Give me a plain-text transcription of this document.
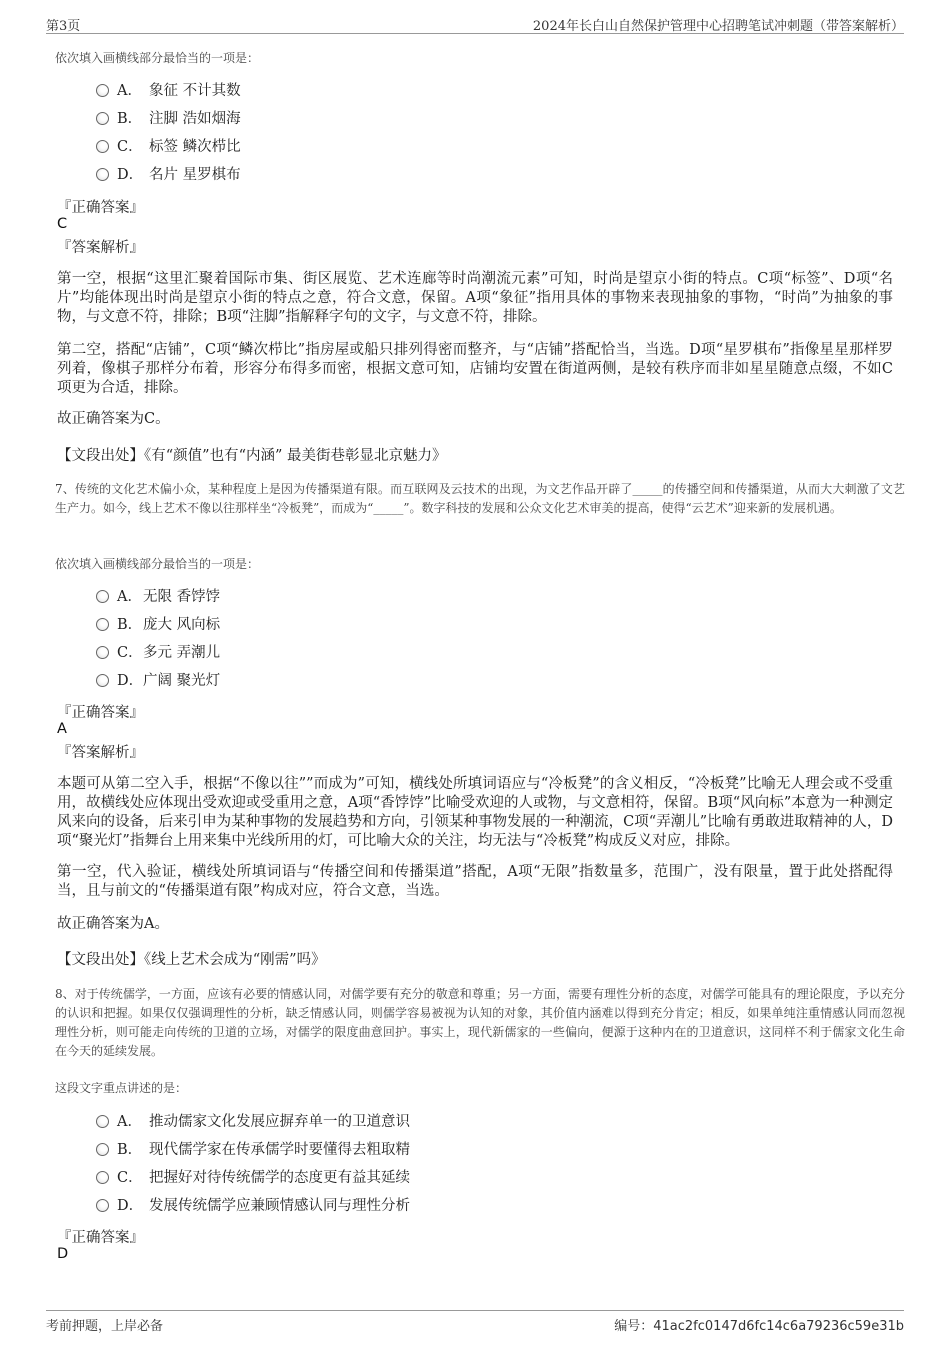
第3页	2024年长白山自然保护管理中心招聘笔试冲刺题（带答案解析）
依次填入画横线部分最恰当的一项是：
A． 象征 不计其数
B． 注脚 浩如烟海
C． 标签 鳞次栉比
D． 名片 星罗棋布
『正确答案』
C
『答案解析』
第一空，根据“这里汇聚着国际市集、街区展览、艺术连廊等时尚潮流元素”可知，时尚是望京小街的特点。C项“标签”、D项“名片”均能体现出时尚是望京小街的特点之意，符合文意，保留。A项“象征”指用具体的事物来表现抽象的事物，“时尚”为抽象的事物，与文意不符，排除；B项“注脚”指解释字句的文字，与文意不符，排除。
第二空，搭配“店铺”，C项“鳞次栉比”指房屋或船只排列得密而整齐，与“店铺”搭配恰当，当选。D项“星罗棋布”指像星星那样罗列着，像棋子那样分布着，形容分布得多而密，根据文意可知，店铺均安置在街道两侧，是较有秩序而非如星星随意点缀，不如C项更为合适，排除。
故正确答案为C。
【文段出处】《有“颜值”也有“内涵” 最美街巷彰显北京魅力》
7、传统的文化艺术偏小众，某种程度上是因为传播渠道有限。而互联网及云技术的出现，为文艺作品开辟了_____的传播空间和传播渠道，从而大大刺激了文艺生产力。如今，线上艺术不像以往那样坐“冷板凳”，而成为“_____”。数字科技的发展和公众文化艺术审美的提高，使得“云艺术”迎来新的发展机遇。
依次填入画横线部分最恰当的一项是：
A．无限 香饽饽
B．庞大 风向标
C．多元 弄潮儿
D．广阔 聚光灯
『正确答案』
A
『答案解析』
本题可从第二空入手，根据“不像以往””而成为”可知，横线处所填词语应与“冷板凳”的含义相反，“冷板凳”比喻无人理会或不受重用，故横线处应体现出受欢迎或受重用之意，A项“香饽饽”比喻受欢迎的人或物，与文意相符，保留。B项“风向标”本意为一种测定风来向的设备，后来引申为某种事物的发展趋势和方向，引领某种事物发展的一种潮流，C项“弄潮儿”比喻有勇敢进取精神的人，D项“聚光灯”指舞台上用来集中光线所用的灯，可比喻大众的关注，均无法与“冷板凳”构成反义对应，排除。
第一空，代入验证，横线处所填词语与“传播空间和传播渠道”搭配，A项“无限”指数量多，范围广，没有限量，置于此处搭配得当，且与前文的“传播渠道有限”构成对应，符合文意，当选。
故正确答案为A。
【文段出处】《线上艺术会成为“刚需”吗》
8、对于传统儒学，一方面，应该有必要的情感认同，对儒学要有充分的敬意和尊重；另一方面，需要有理性分析的态度，对儒学可能具有的理论限度，予以充分的认识和把握。如果仅仅强调理性的分析，缺乏情感认同，则儒学容易被视为认知的对象，其价值内涵难以得到充分肯定；相反，如果单纯注重情感认同而忽视理性分析，则可能走向传统的卫道的立场，对儒学的限度曲意回护。事实上，现代新儒家的一些偏向，便源于这种内在的卫道意识，这同样不利于儒家文化生命在今天的延续发展。
这段文字重点讲述的是：
A． 推动儒家文化发展应摒弃单一的卫道意识
B． 现代儒学家在传承儒学时要懂得去粗取精
C． 把握好对待传统儒学的态度更有益其延续
D． 发展传统儒学应兼顾情感认同与理性分析
『正确答案』
D
考前押题，上岸必备	编号：41ac2fc0147d6fc14c6a79236c59e31b
